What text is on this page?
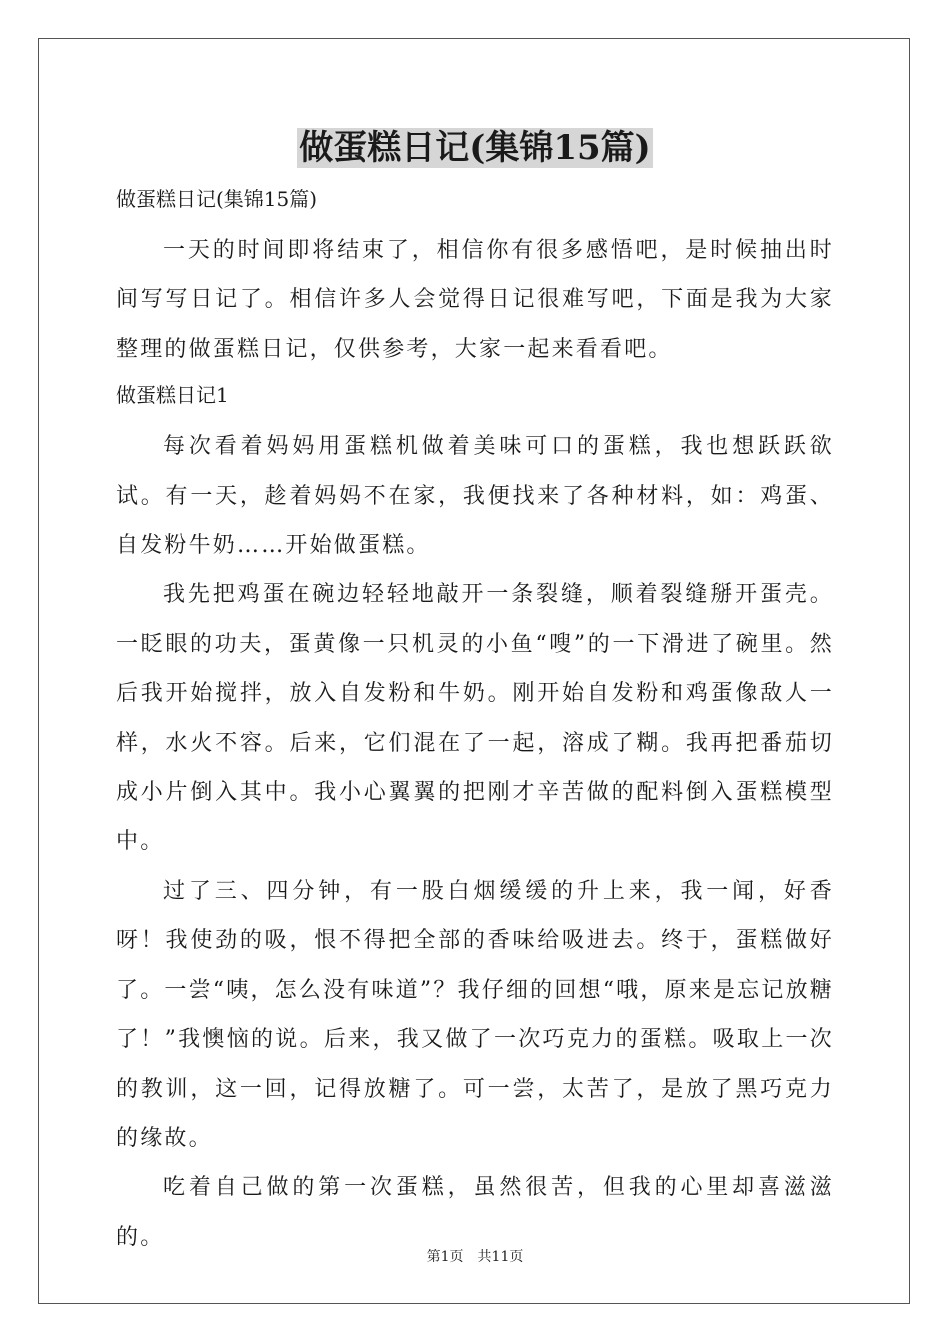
做蛋糕日记(集锦15篇)

做蛋糕日记(集锦15篇)

一天的时间即将结束了，相信你有很多感悟吧，是时候抽出时间写写日记了。相信许多人会觉得日记很难写吧，下面是我为大家整理的做蛋糕日记，仅供参考，大家一起来看看吧。

做蛋糕日记1

每次看着妈妈用蛋糕机做着美味可口的蛋糕，我也想跃跃欲试。有一天，趁着妈妈不在家，我便找来了各种材料，如：鸡蛋、自发粉牛奶……开始做蛋糕。

我先把鸡蛋在碗边轻轻地敲开一条裂缝，顺着裂缝掰开蛋壳。一眨眼的功夫，蛋黄像一只机灵的小鱼“嗖”的一下滑进了碗里。然后我开始搅拌，放入自发粉和牛奶。刚开始自发粉和鸡蛋像敌人一样，水火不容。后来，它们混在了一起，溶成了糊。我再把番茄切成小片倒入其中。我小心翼翼的把刚才辛苦做的配料倒入蛋糕模型中。

过了三、四分钟，有一股白烟缓缓的升上来，我一闻，好香呀！我使劲的吸，恨不得把全部的香味给吸进去。终于，蛋糕做好了。一尝“咦，怎么没有味道”？我仔细的回想“哦，原来是忘记放糖了！”我懊恼的说。后来，我又做了一次巧克力的蛋糕。吸取上一次的教训，这一回，记得放糖了。可一尝，太苦了，是放了黑巧克力的缘故。

吃着自己做的第一次蛋糕，虽然很苦，但我的心里却喜滋滋的。

第1页 共11页
